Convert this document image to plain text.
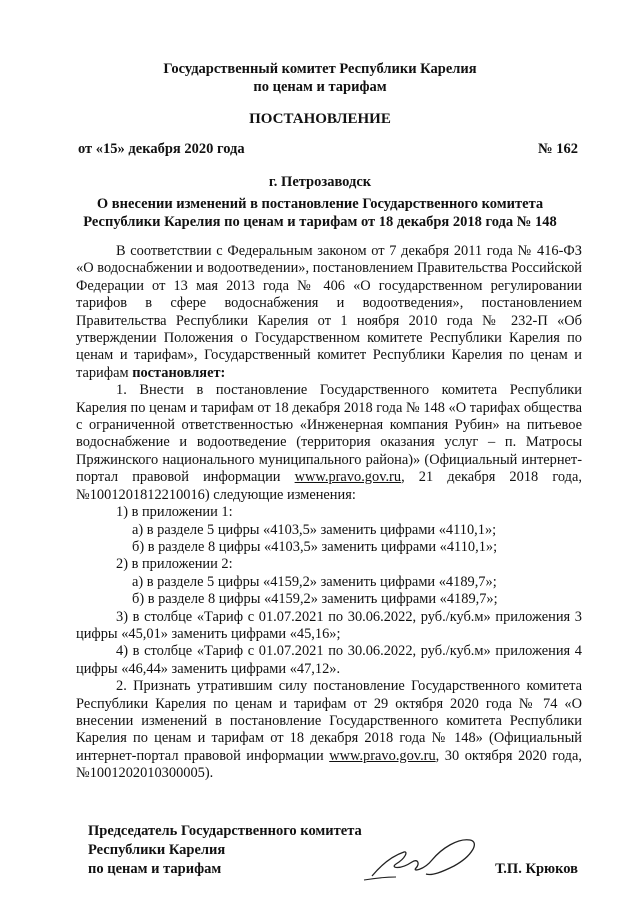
Государственный комитет Республики Карелия
по ценам и тарифам
ПОСТАНОВЛЕНИЕ
от «15» декабря 2020 года	№ 162
г. Петрозаводск
О внесении изменений в постановление Государственного комитета
Республики Карелия по ценам и тарифам от 18 декабря 2018 года № 148

В соответствии с Федеральным законом от 7 декабря 2011 года № 416-ФЗ «О водоснабжении и водоотведении», постановлением Правительства Российской Федерации от 13 мая 2013 года № 406 «О государственном регулировании тарифов в сфере водоснабжения и водоотведения», постановлением Правительства Республики Карелия от 1 ноября 2010 года № 232-П «Об утверждении Положения о Государственном комитете Республики Карелия по ценам и тарифам», Государственный комитет Республики Карелия по ценам и тарифам постановляет:

1. Внести в постановление Государственного комитета Республики Карелия по ценам и тарифам от 18 декабря 2018 года № 148 «О тарифах общества с ограниченной ответственностью «Инженерная компания Рубин» на питьевое водоснабжение и водоотведение (территория оказания услуг – п. Матросы Пряжинского национального муниципального района)» (Официальный интернет-портал правовой информации www.pravo.gov.ru, 21 декабря 2018 года, №1001201812210016) следующие изменения:

1) в приложении 1:

а) в разделе 5 цифры «4103,5» заменить цифрами «4110,1»;

б) в разделе 8 цифры «4103,5» заменить цифрами «4110,1»;

2) в приложении 2:

а) в разделе 5 цифры «4159,2» заменить цифрами «4189,7»;

б) в разделе 8 цифры «4159,2» заменить цифрами «4189,7»;

3) в столбце «Тариф с 01.07.2021 по 30.06.2022, руб./куб.м» приложения 3 цифры «45,01» заменить цифрами «45,16»;

4) в столбце «Тариф с 01.07.2021 по 30.06.2022, руб./куб.м» приложения 4 цифры «46,44» заменить цифрами «47,12».

2. Признать утратившим силу постановление Государственного комитета Республики Карелия по ценам и тарифам от 29 октября 2020 года № 74 «О внесении изменений в постановление Государственного комитета Республики Карелия по ценам и тарифам от 18 декабря 2018 года № 148» (Официальный интернет-портал правовой информации www.pravo.gov.ru, 30 октября 2020 года, №1001202010300005).

Председатель Государственного комитета
Республики Карелия
по ценам и тарифам	Т.П. Крюков
